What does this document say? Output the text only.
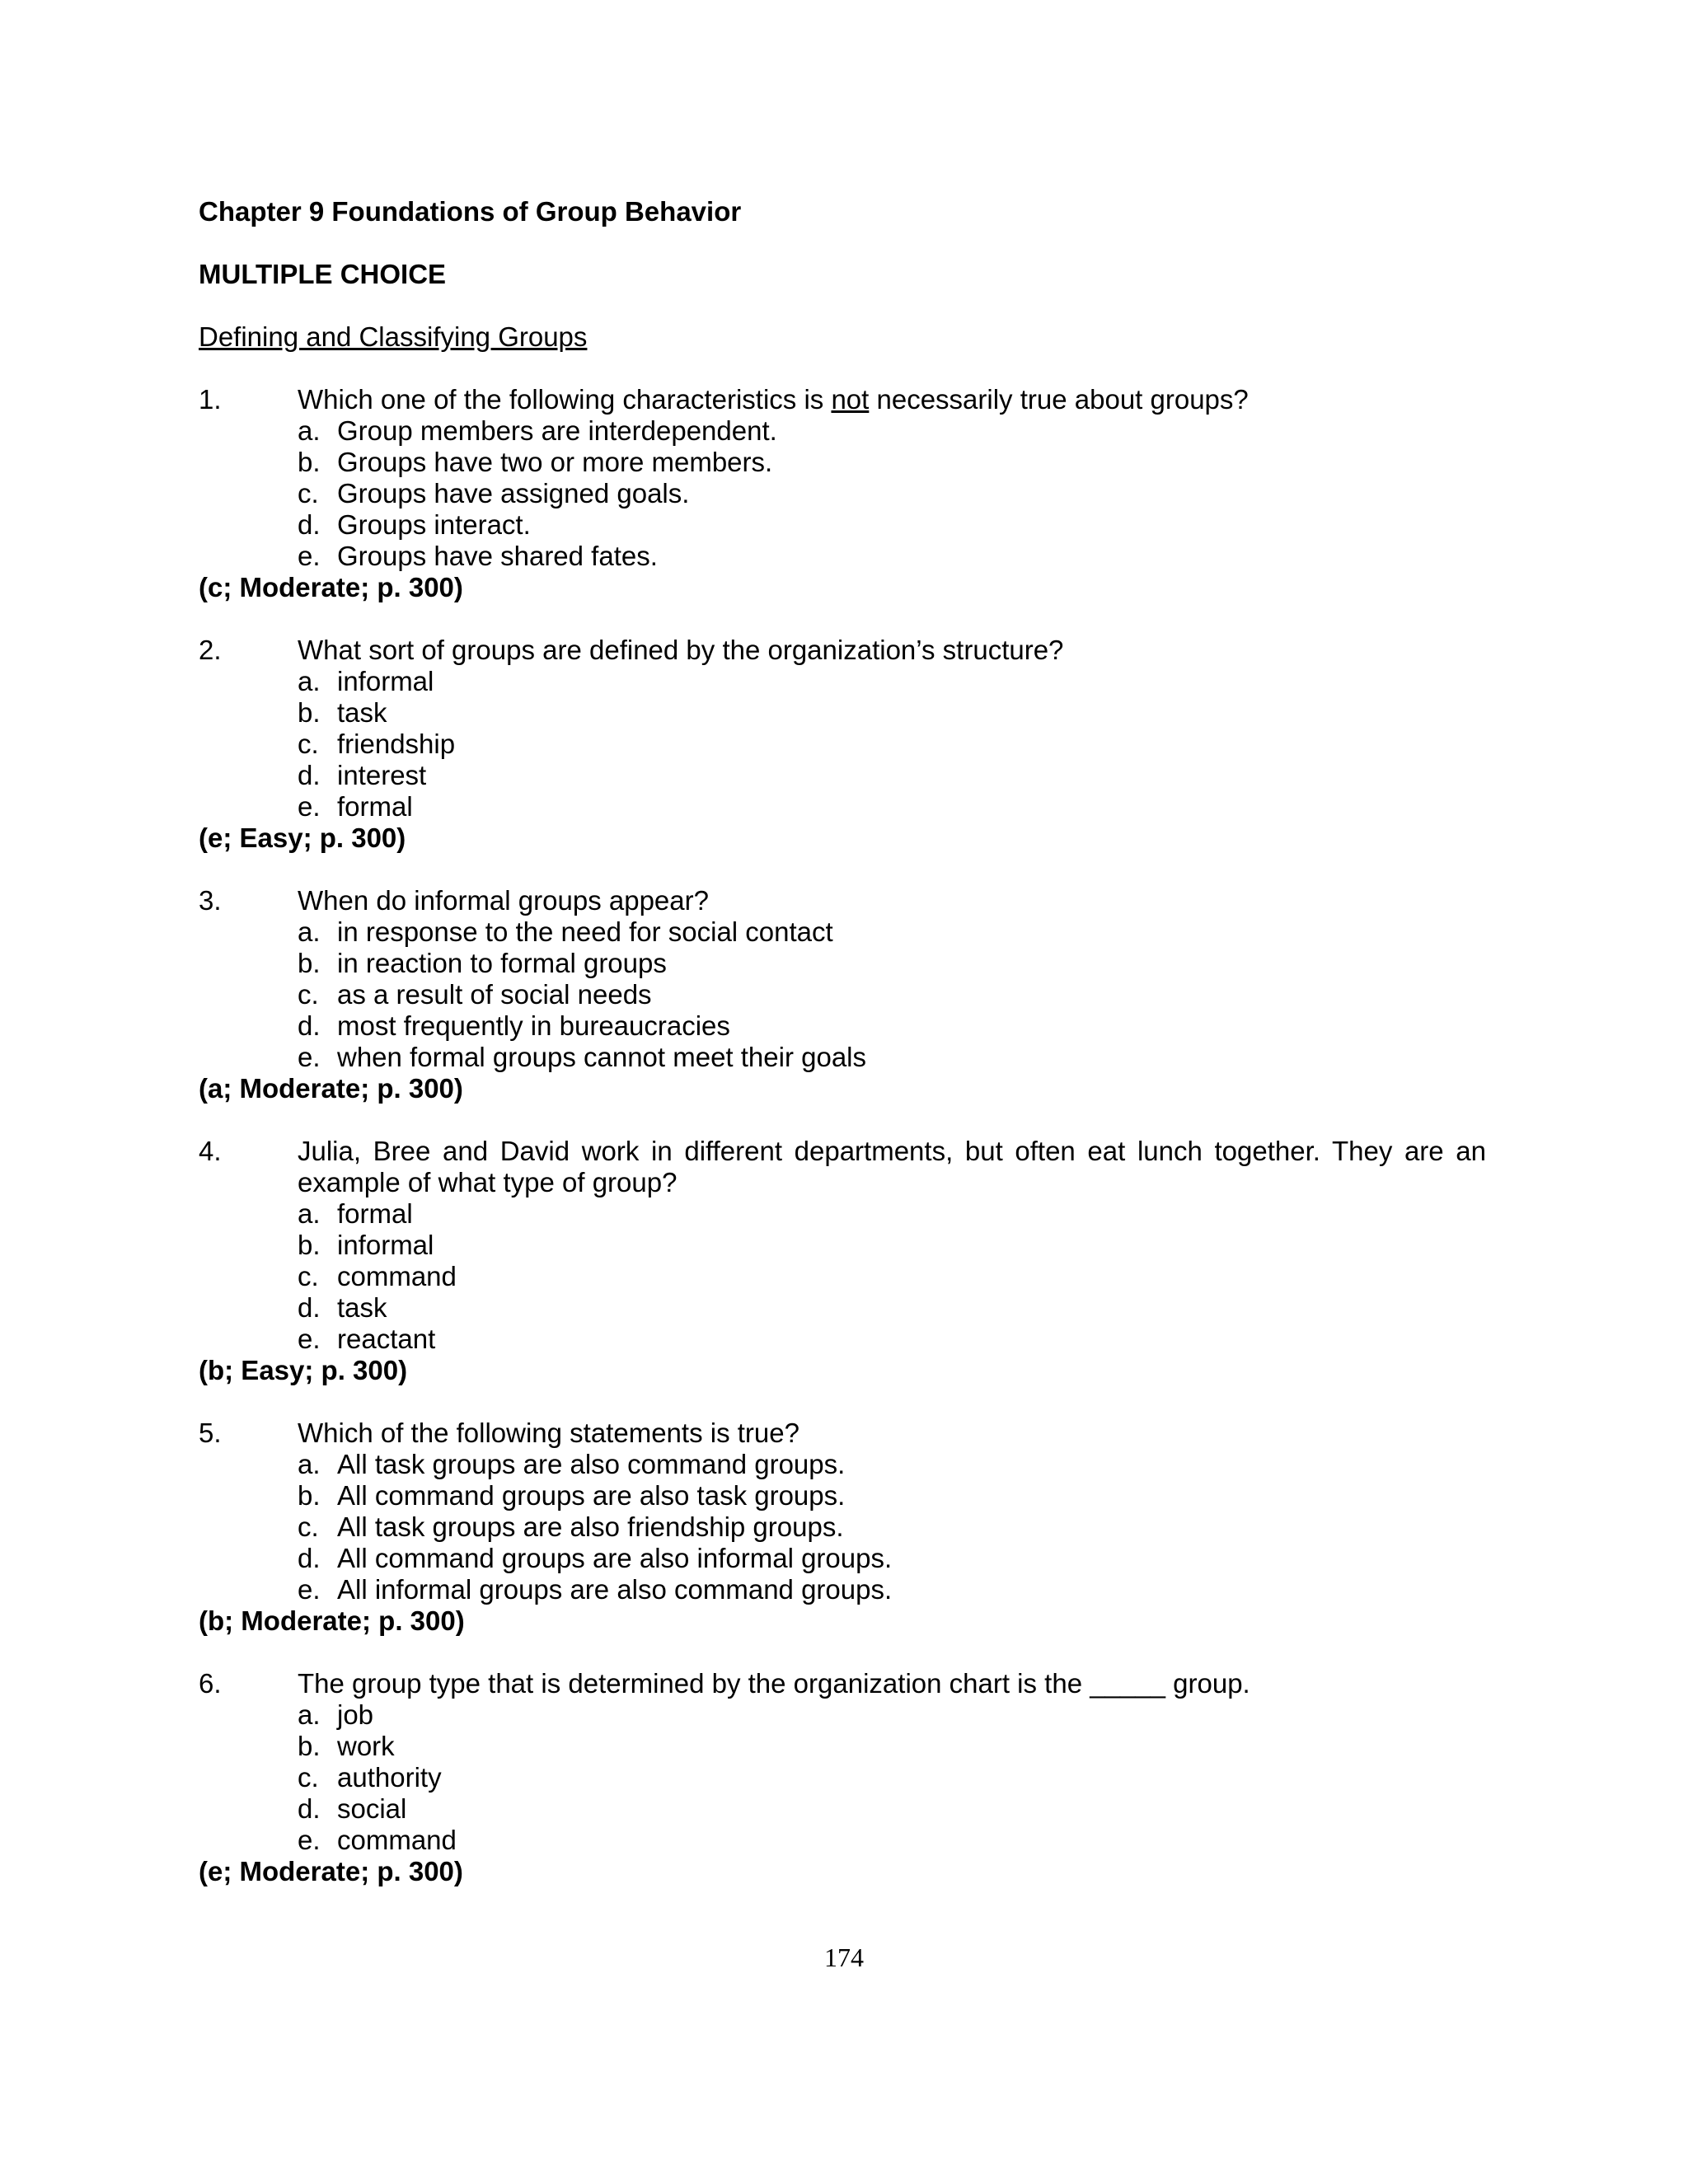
Chapter 9 Foundations of Group Behavior
MULTIPLE CHOICE
Defining and Classifying Groups
1.	Which one of the following characteristics is not necessarily true about groups?
a. Group members are interdependent.
b. Groups have two or more members.
c. Groups have assigned goals.
d. Groups interact.
e. Groups have shared fates.
(c; Moderate; p. 300)
2.	What sort of groups are defined by the organization’s structure?
a. informal
b. task
c. friendship
d. interest
e. formal
(e; Easy; p. 300)
3.	When do informal groups appear?
a. in response to the need for social contact
b. in reaction to formal groups
c. as a result of social needs
d. most frequently in bureaucracies
e. when formal groups cannot meet their goals
(a; Moderate; p. 300)
4.	Julia, Bree and David work in different departments, but often eat lunch together. They are an example of what type of group?
a. formal
b. informal
c. command
d. task
e. reactant
(b; Easy; p. 300)
5.	Which of the following statements is true?
a. All task groups are also command groups.
b. All command groups are also task groups.
c. All task groups are also friendship groups.
d. All command groups are also informal groups.
e. All informal groups are also command groups.
(b; Moderate; p. 300)
6.	The group type that is determined by the organization chart is the _____ group.
a. job
b. work
c. authority
d. social
e. command
(e; Moderate; p. 300)
174
